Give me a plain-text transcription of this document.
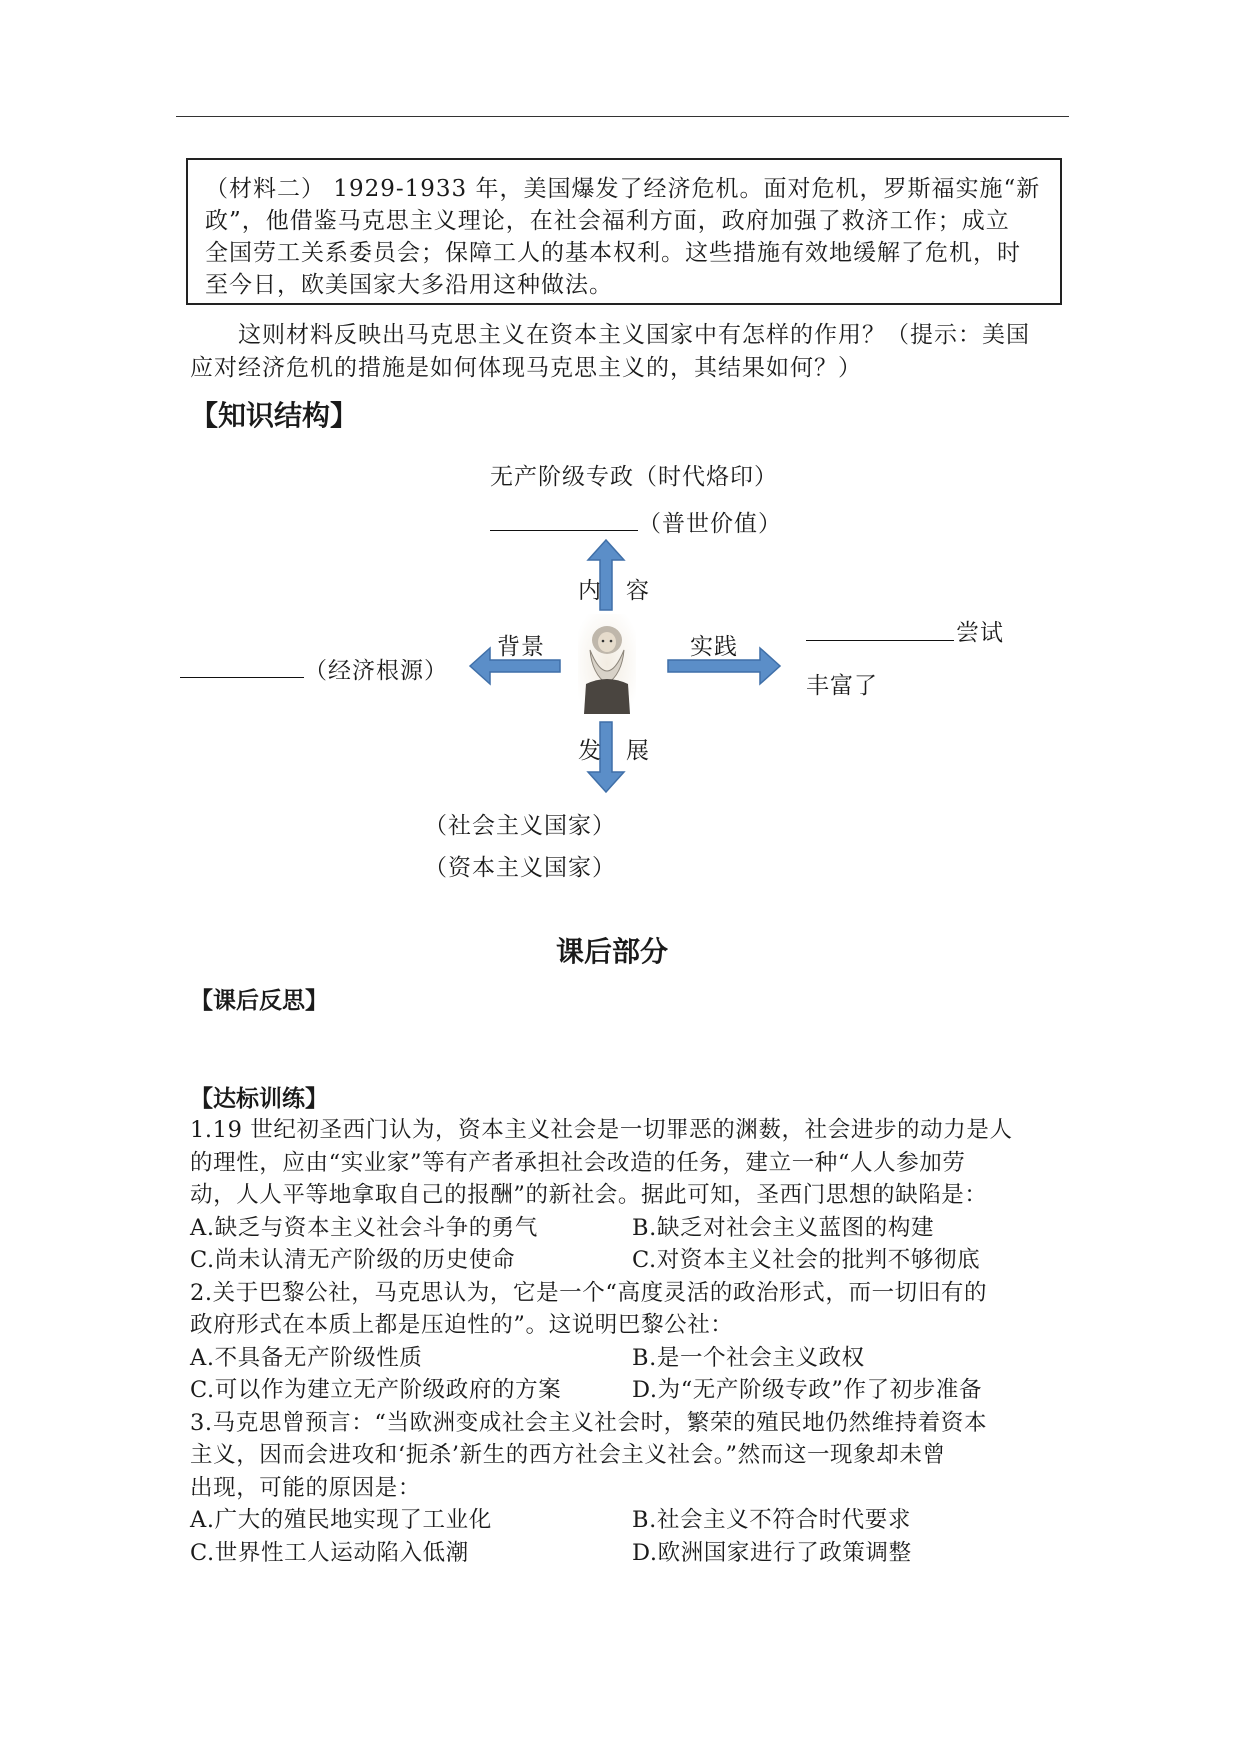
（材料二） 1929-1933 年，美国爆发了经济危机。面对危机，罗斯福实施“新
政”，他借鉴马克思主义理论，在社会福利方面，政府加强了救济工作；成立
全国劳工关系委员会；保障工人的基本权利。这些措施有效地缓解了危机，时
至今日，欧美国家大多沿用这种做法。
这则材料反映出马克思主义在资本主义国家中有怎样的作用？（提示：美国
应对经济危机的措施是如何体现马克思主义的，其结果如何？）
【知识结构】
无产阶级专政（时代烙印）
（普世价值）
内 容
背景
（经济根源）
实践
尝试
丰富了
发 展
（社会主义国家）
（资本主义国家）
课后部分
【课后反思】
【达标训练】
1.19 世纪初圣西门认为，资本主义社会是一切罪恶的渊薮，社会进步的动力是人
的理性，应由“实业家”等有产者承担社会改造的任务，建立一种“人人参加劳
动，人人平等地拿取自己的报酬”的新社会。据此可知，圣西门思想的缺陷是：
A.缺乏与资本主义社会斗争的勇气	B.缺乏对社会主义蓝图的构建
C.尚未认清无产阶级的历史使命	C.对资本主义社会的批判不够彻底
2.关于巴黎公社，马克思认为，它是一个“高度灵活的政治形式，而一切旧有的
政府形式在本质上都是压迫性的”。这说明巴黎公社：
A.不具备无产阶级性质	B.是一个社会主义政权
C.可以作为建立无产阶级政府的方案	D.为“无产阶级专政”作了初步准备
3.马克思曾预言：“当欧洲变成社会主义社会时，繁荣的殖民地仍然维持着资本
主义，因而会进攻和‘扼杀’新生的西方社会主义社会。”然而这一现象却未曾
出现，可能的原因是：
A.广大的殖民地实现了工业化	B.社会主义不符合时代要求
C.世界性工人运动陷入低潮	D.欧洲国家进行了政策调整
